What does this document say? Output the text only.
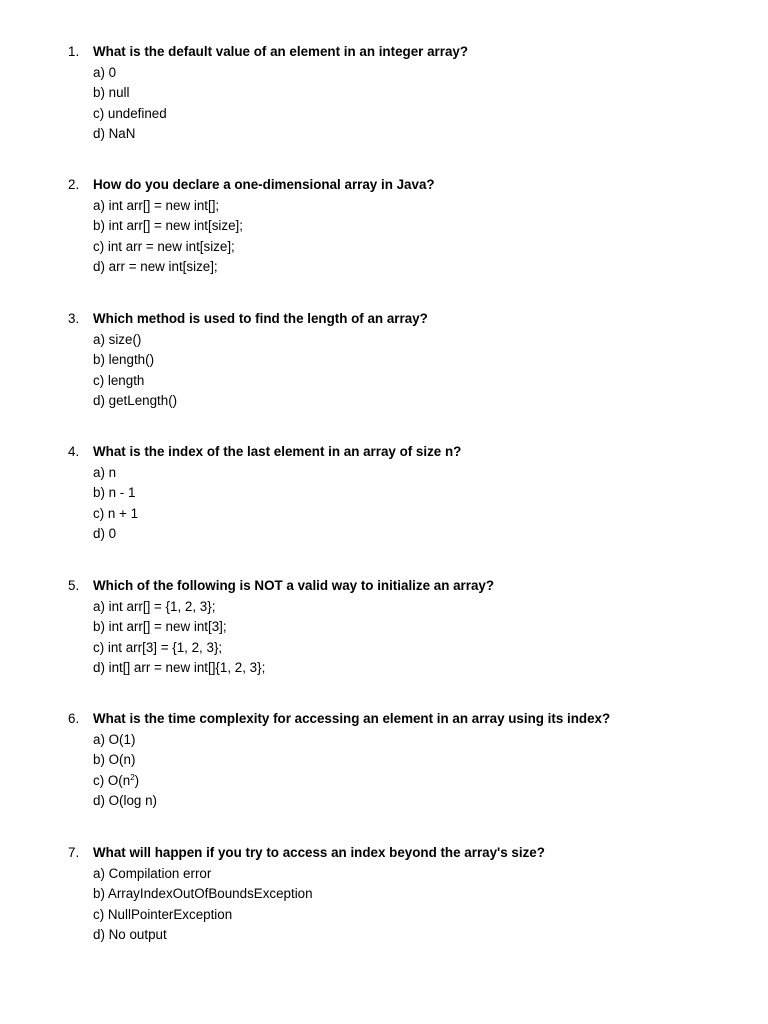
1.	What is the default value of an element in an integer array?
a) 0
b) null
c) undefined
d) NaN
2.	How do you declare a one-dimensional array in Java?
a) int arr[] = new int[];
b) int arr[] = new int[size];
c) int arr = new int[size];
d) arr = new int[size];
3.	Which method is used to find the length of an array?
a) size()
b) length()
c) length
d) getLength()
4.	What is the index of the last element in an array of size n?
a) n
b) n - 1
c) n + 1
d) 0
5.	Which of the following is NOT a valid way to initialize an array?
a) int arr[] = {1, 2, 3};
b) int arr[] = new int[3];
c) int arr[3] = {1, 2, 3};
d) int[] arr = new int[]{1, 2, 3};
6.	What is the time complexity for accessing an element in an array using its index?
a) O(1)
b) O(n)
c) $O(n^2)$
d) O(log n)
7.	What will happen if you try to access an index beyond the array's size?
a) Compilation error
b) ArrayIndexOutOfBoundsException
c) NullPointerException
d) No output
